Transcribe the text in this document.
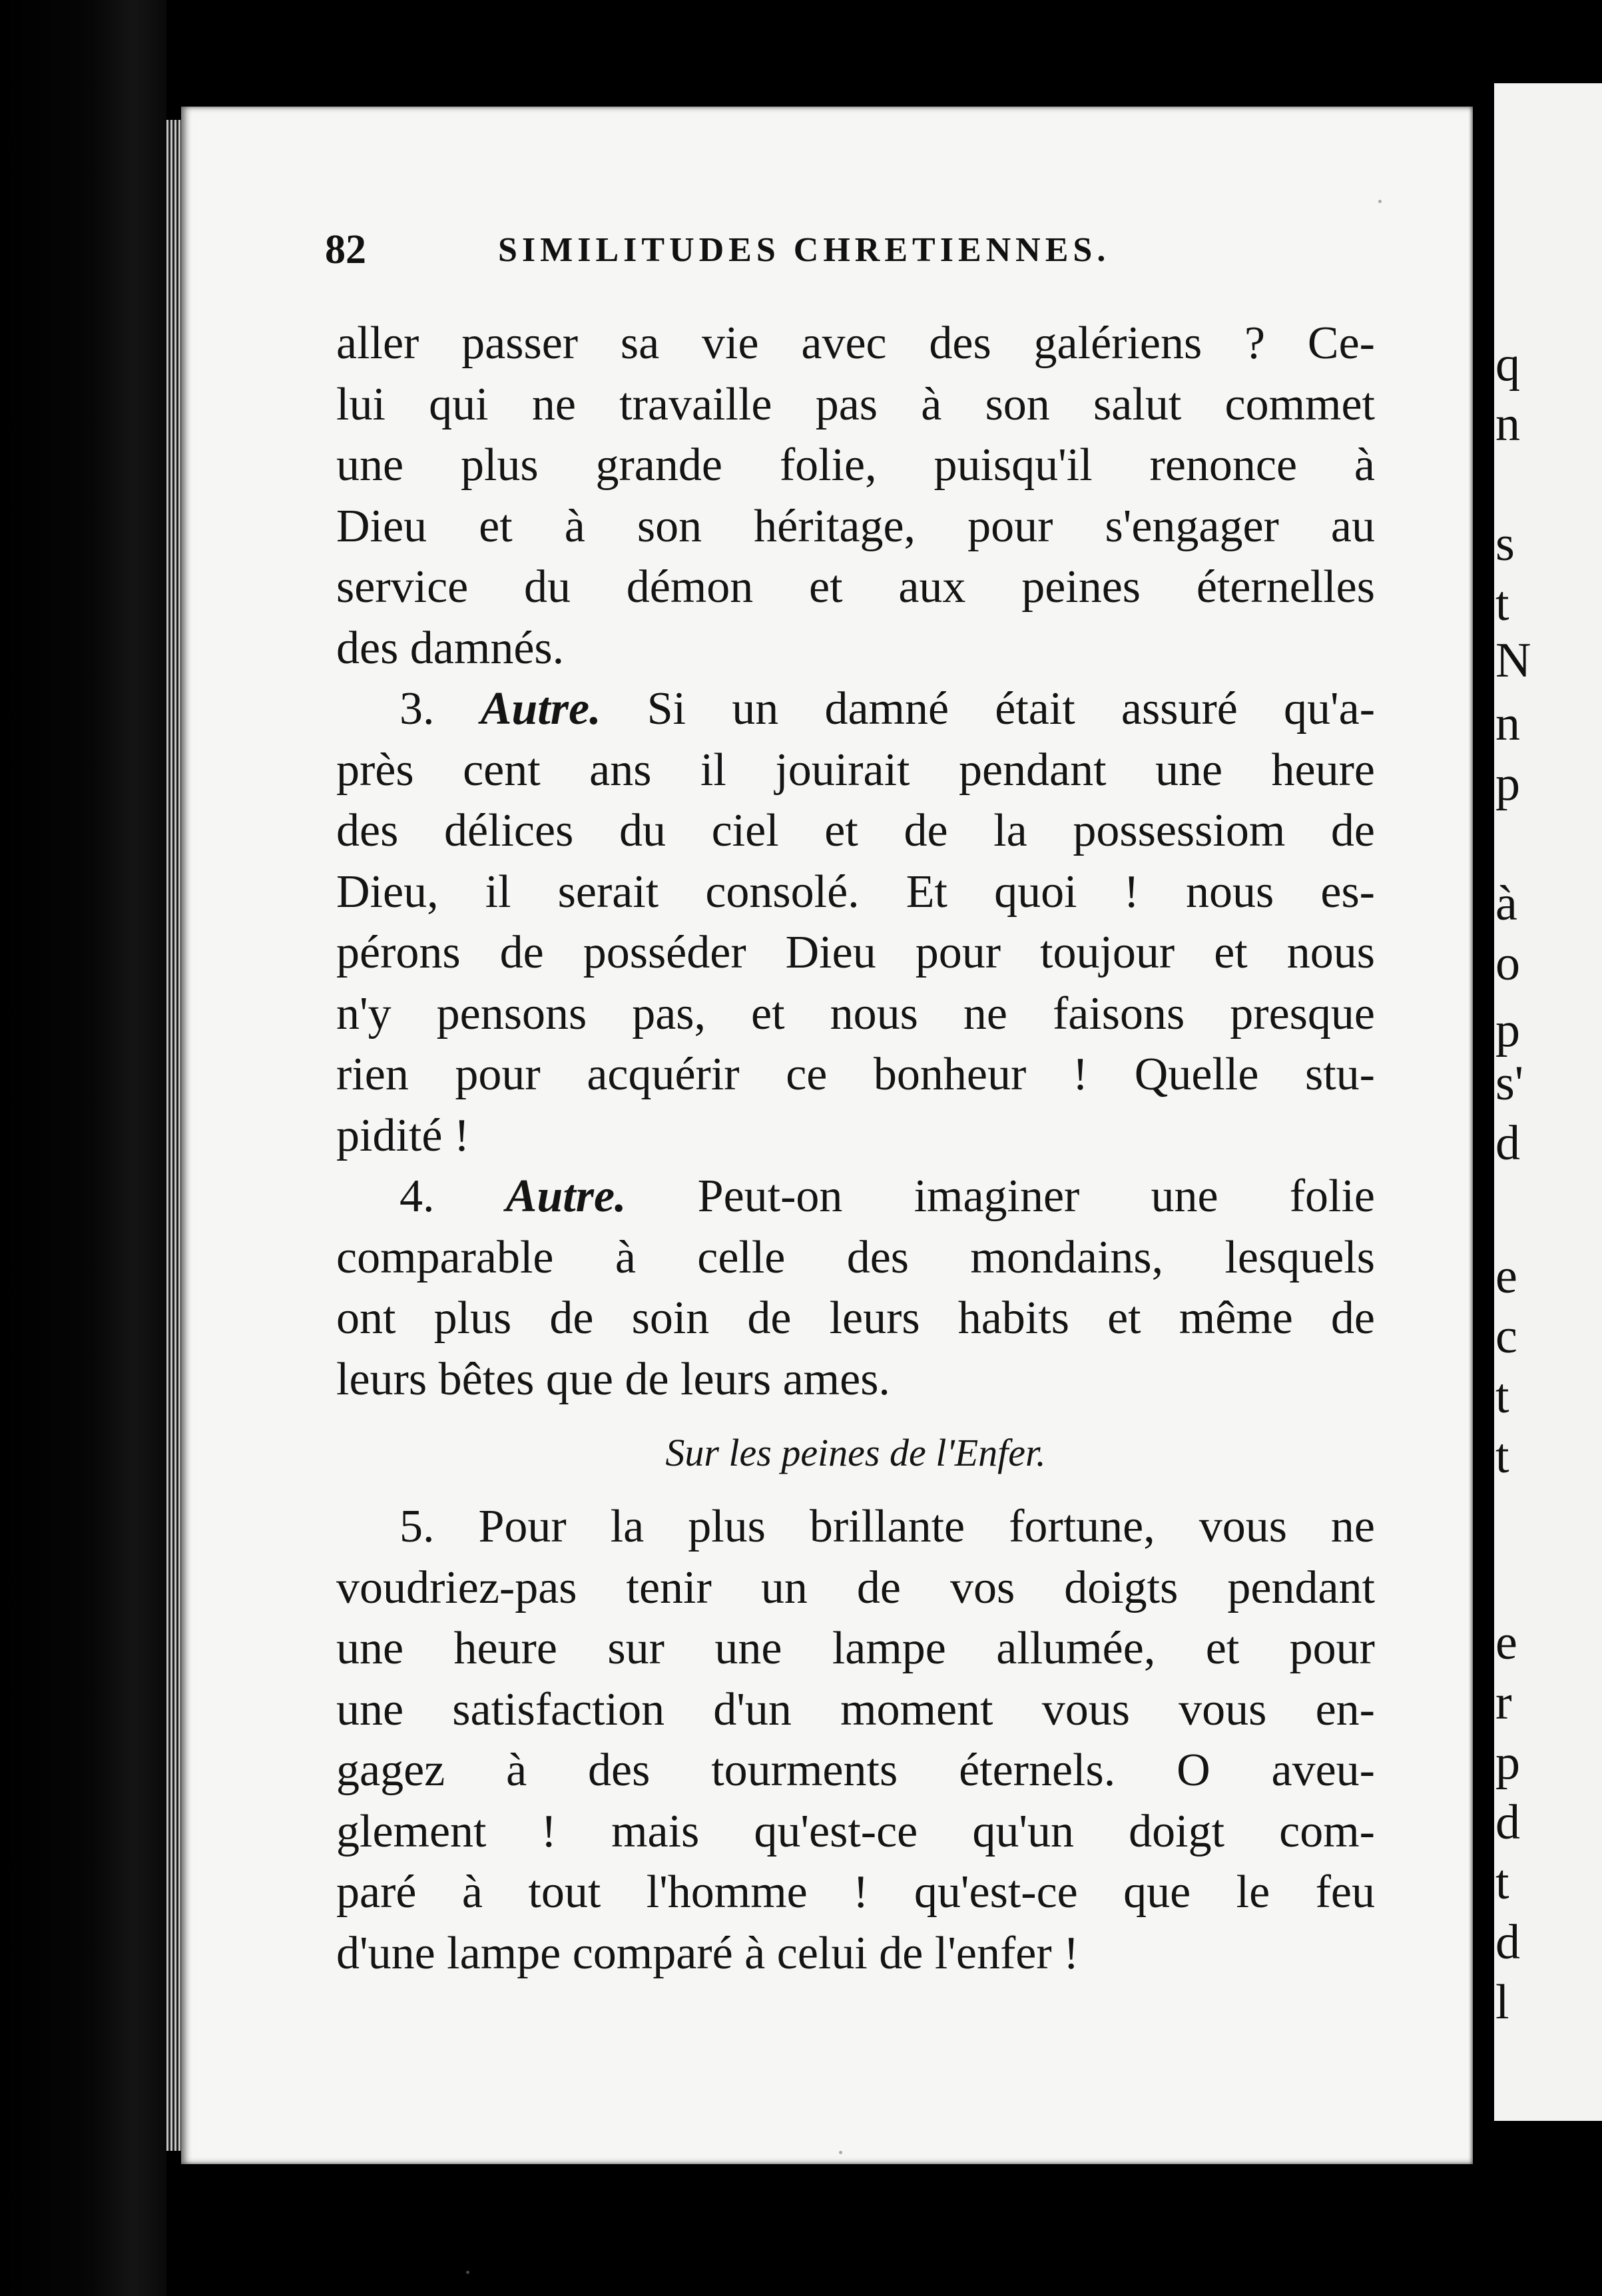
82	SIMILITUDES CHRETIENNES.
aller passer sa vie avec des galériens ? Ce-
lui qui ne travaille pas à son salut commet
une plus grande folie, puisqu'il renonce à
Dieu et à son héritage, pour s'engager au
service du démon et aux peines éternelles
des damnés.
3. Autre. Si un damné était assuré qu'a-
près cent ans il jouirait pendant une heure
des délices du ciel et de la possessiom de
Dieu, il serait consolé. Et quoi ! nous es-
pérons de posséder Dieu pour toujour et nous
n'y pensons pas, et nous ne faisons presque
rien pour acquérir ce bonheur ! Quelle stu-
pidité !
4. Autre. Peut-on imaginer une folie
comparable à celle des mondains, lesquels
ont plus de soin de leurs habits et même de
leurs bêtes que de leurs ames.
Sur les peines de l'Enfer.
5. Pour la plus brillante fortune, vous ne
voudriez-pas tenir un de vos doigts pendant
une heure sur une lampe allumée, et pour
une satisfaction d'un moment vous vous en-
gagez à des tourments éternels. O aveu-
glement ! mais qu'est-ce qu'un doigt com-
paré à tout l'homme ! qu'est-ce que le feu
d'une lampe comparé à celui de l'enfer !
q
n
s
t
N
n
p
à
o
p
s'
d
e
c
t
t
e
r
p
d
t
d
l
